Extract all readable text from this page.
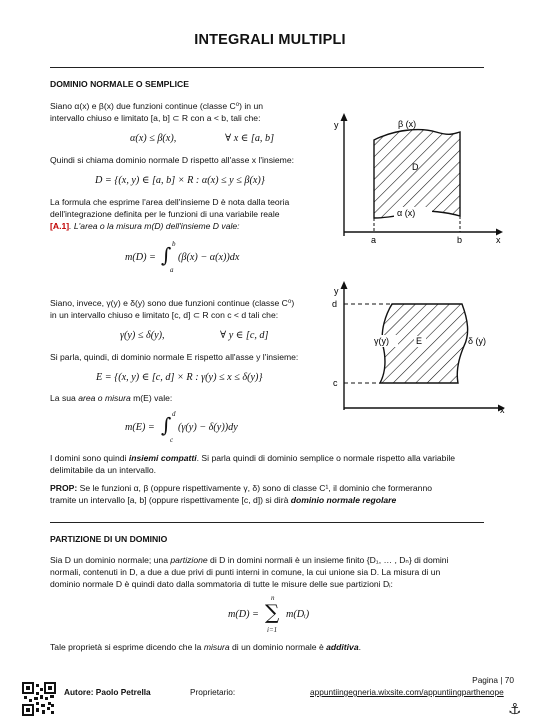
INTEGRALI MULTIPLI
DOMINIO NORMALE O SEMPLICE
Siano α(x) e β(x) due funzioni continue (classe C⁰) in un
intervallo chiuso e limitato [a, b] ⊂ R con a < b, tali che:
α(x) ≤ β(x),	∀ x ∈ [a, b]
Quindi si chiama dominio normale D rispetto all'asse x l'insieme:
D = {(x, y) ∈ [a, b] × R : α(x) ≤ y ≤ β(x)}
La formula che esprime l'area dell'insieme D è nota dalla teoria
dell'integrazione definita per le funzioni di una variabile reale
[A.1]. L'area o la misura m(D) dell'insieme D vale:
m(D) = ∫ b
a
(β(x) − α(x))dx
y
x
a	b
β (x)
α (x)
D
Siano, invece, γ(y) e δ(y) sono due funzioni continue (classe C⁰)
in un intervallo chiuso e limitato [c, d] ⊂ R con c < d tali che:
γ(y) ≤ δ(y),	∀ y ∈ [c, d]
Si parla, quindi, di dominio normale E rispetto all'asse y l'insieme:
E = {(x, y) ∈ [c, d] × R : γ(y) ≤ x ≤ δ(y)}
La sua area o misura m(E) vale:
m(E) = ∫ d
c
(γ(y) − δ(y))dy
y
x
d
c
γ(y)	δ (y)
E
I domini sono quindi insiemi compatti. Si parla quindi di dominio semplice o normale rispetto alla variabile
delimitabile da un intervallo.
PROP: Se le funzioni α, β (oppure rispettivamente γ, δ) sono di classe C¹, il dominio che formeranno
tramite un intervallo [a, b] (oppure rispettivamente [c, d]) si dirà dominio normale regolare
PARTIZIONE DI UN DOMINIO
Sia D un dominio normale; una partizione di D in domini normali è un insieme finito {D₁, … , Dₙ} di domini
normali, contenuti in D, a due a due privi di punti interni in comune, la cui unione sia D. La misura di un
dominio normale D è quindi dato dalla sommatoria di tutte le misure delle sue partizioni Dᵢ:
m(D) =
n
∑
i=1
m(Dᵢ)
Tale proprietà si esprime dicendo che la misura di un dominio normale è additiva.
Pagina | 70
Autore: Paolo Petrella	Proprietario:	appuntiingegneria.wixsite.com/appuntiingparthenope
⚓
